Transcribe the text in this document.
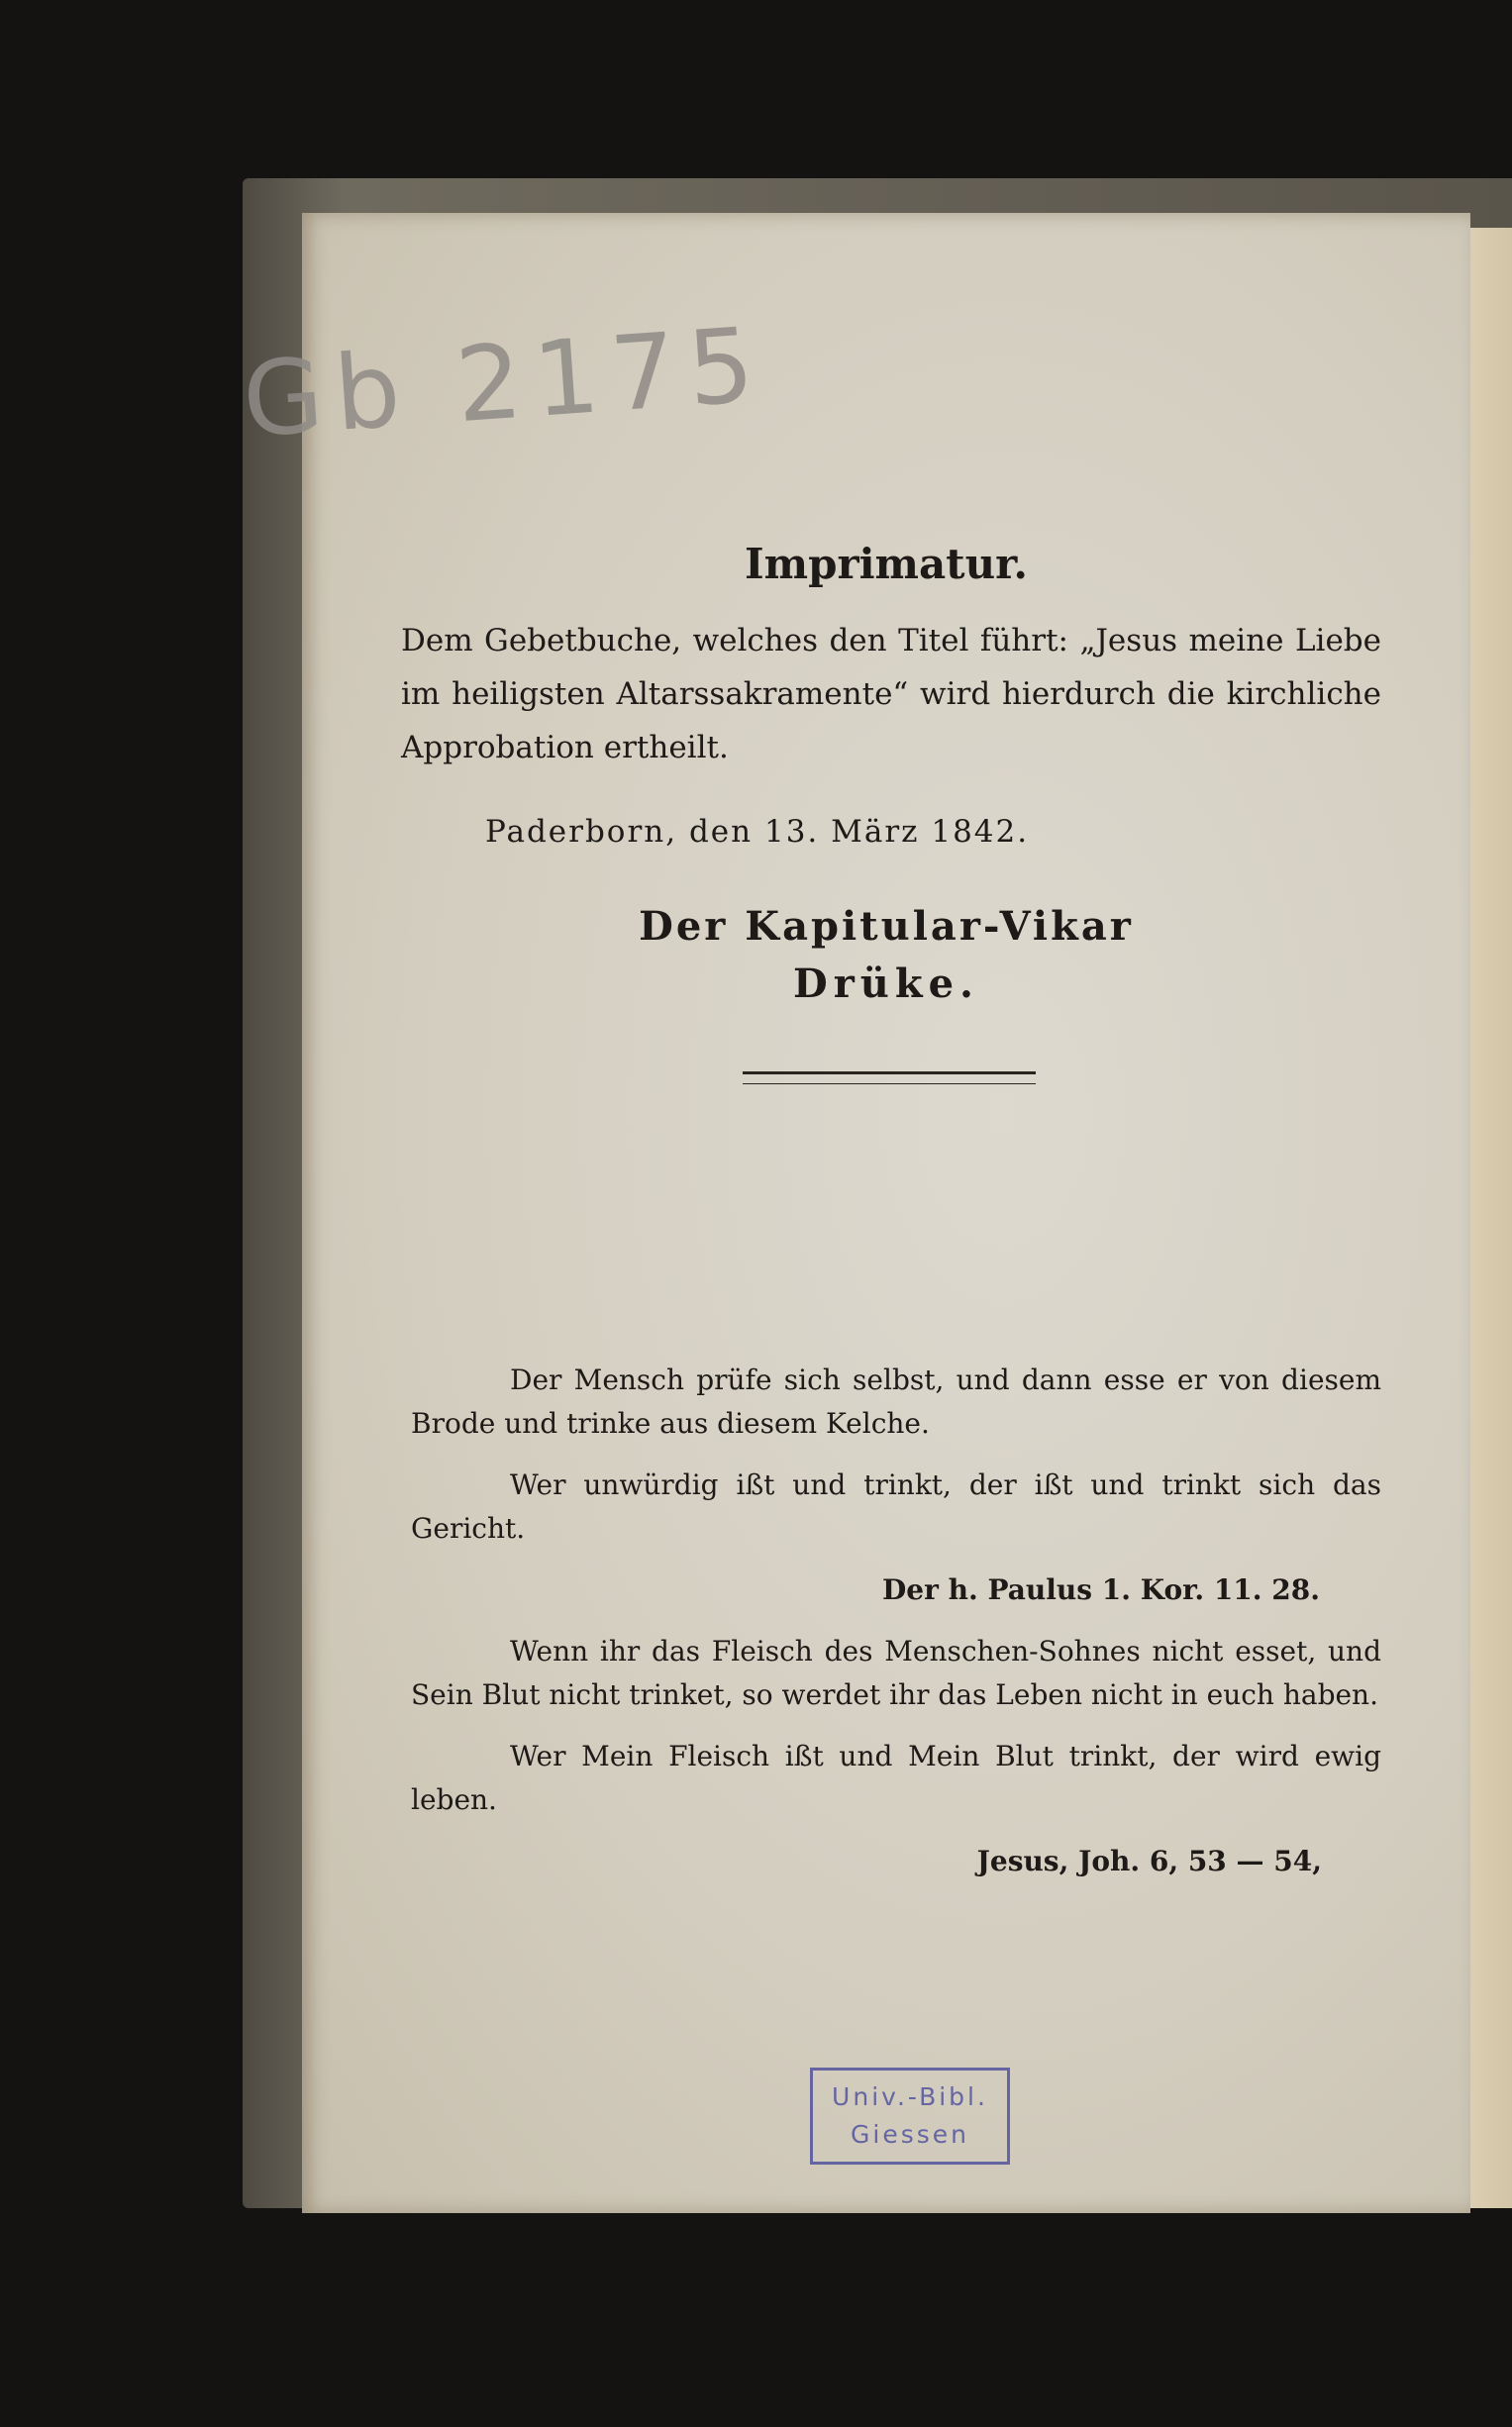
Gb 2175
Imprimatur.
Dem Gebetbuche, welches den Titel führt: „Jesus meine Liebe im heiligsten Altarssakramente“ wird hierdurch die kirchliche Approbation ertheilt.
Paderborn, den 13. März 1842.
Der Kapitular-Vikar
Drüke.

Der Mensch prüfe sich selbst, und dann esse er von diesem Brode und trinke aus diesem Kelche.

Wer unwürdig ißt und trinkt, der ißt und trinkt sich das Gericht.

Der h. Paulus 1. Kor. 11. 28.

Wenn ihr das Fleisch des Menschen-Sohnes nicht esset, und Sein Blut nicht trinket, so werdet ihr das Leben nicht in euch haben.

Wer Mein Fleisch ißt und Mein Blut trinkt, der wird ewig leben.

Jesus, Joh. 6, 53 — 54,

Univ.-Bibl.
Giessen
